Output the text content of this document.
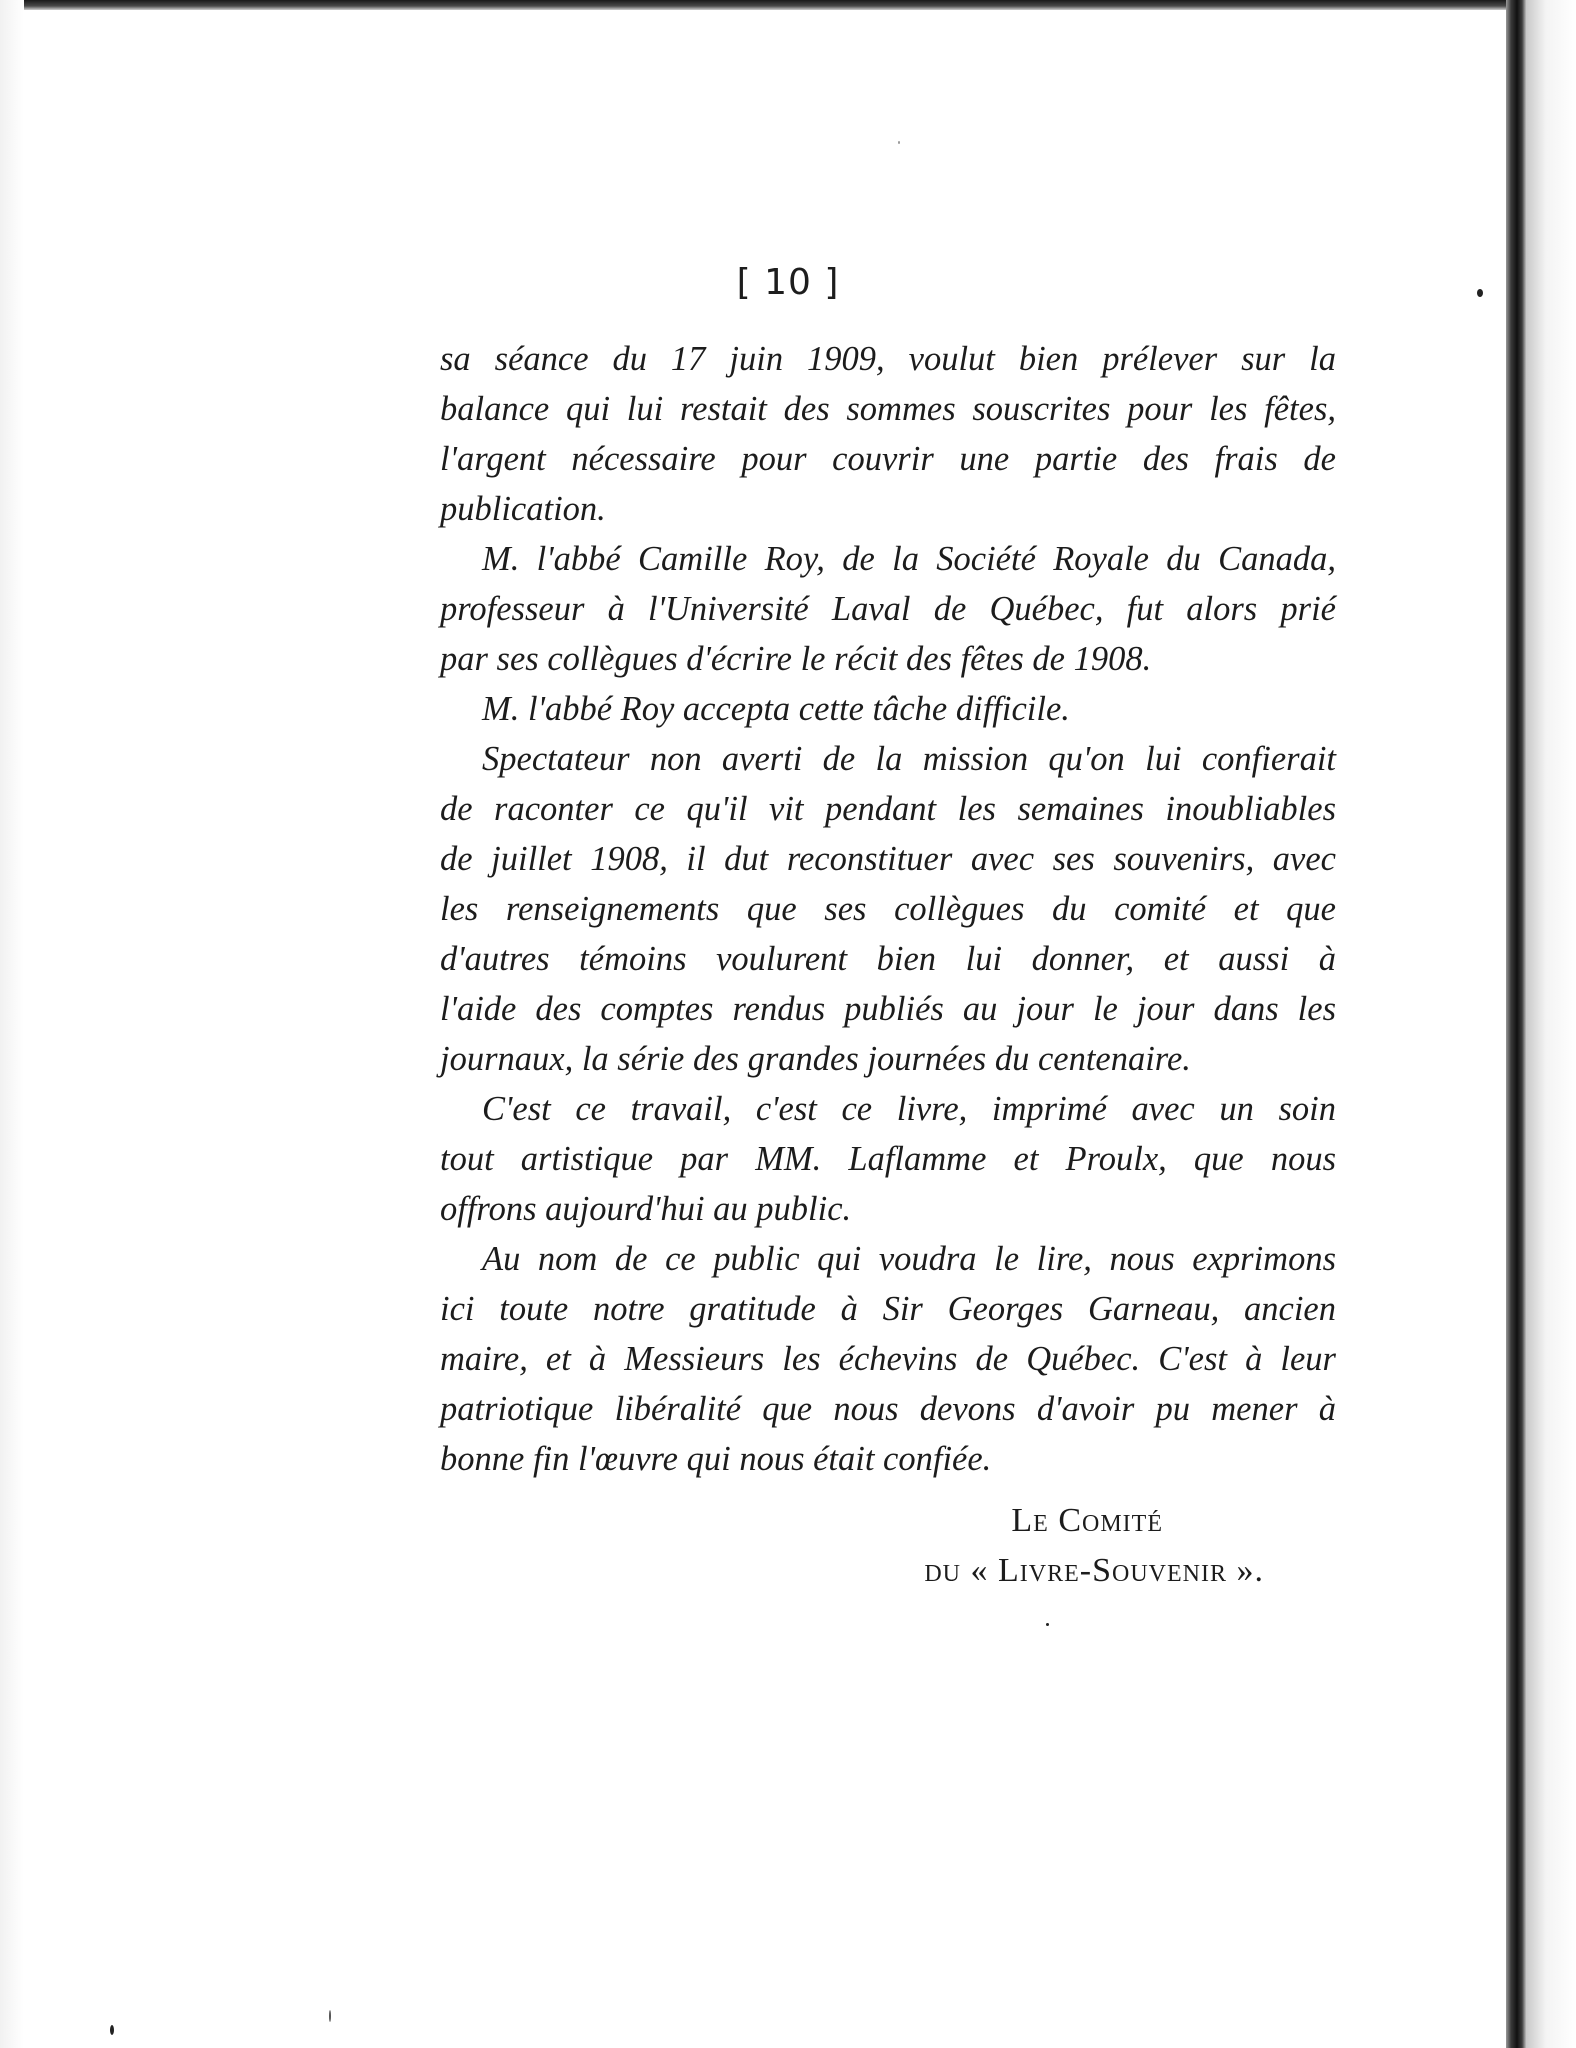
[ 10 ]

sa séance du 17 juin 1909, voulut bien prélever sur la

balance qui lui restait des sommes souscrites pour les fêtes,

l'argent nécessaire pour couvrir une partie des frais de

publication.

M. l'abbé Camille Roy, de la Société Royale du Canada,

professeur à l'Université Laval de Québec, fut alors prié

par ses collègues d'écrire le récit des fêtes de 1908.

M. l'abbé Roy accepta cette tâche difficile.

Spectateur non averti de la mission qu'on lui confierait

de raconter ce qu'il vit pendant les semaines inoubliables

de juillet 1908, il dut reconstituer avec ses souvenirs, avec

les renseignements que ses collègues du comité et que

d'autres témoins voulurent bien lui donner, et aussi à

l'aide des comptes rendus publiés au jour le jour dans les

journaux, la série des grandes journées du centenaire.

C'est ce travail, c'est ce livre, imprimé avec un soin

tout artistique par MM. Laflamme et Proulx, que nous

offrons aujourd'hui au public.

Au nom de ce public qui voudra le lire, nous exprimons

ici toute notre gratitude à Sir Georges Garneau, ancien

maire, et à Messieurs les échevins de Québec. C'est à leur

patriotique libéralité que nous devons d'avoir pu mener à

bonne fin l'œuvre qui nous était confiée.

Le Comité
du « Livre-Souvenir ».
